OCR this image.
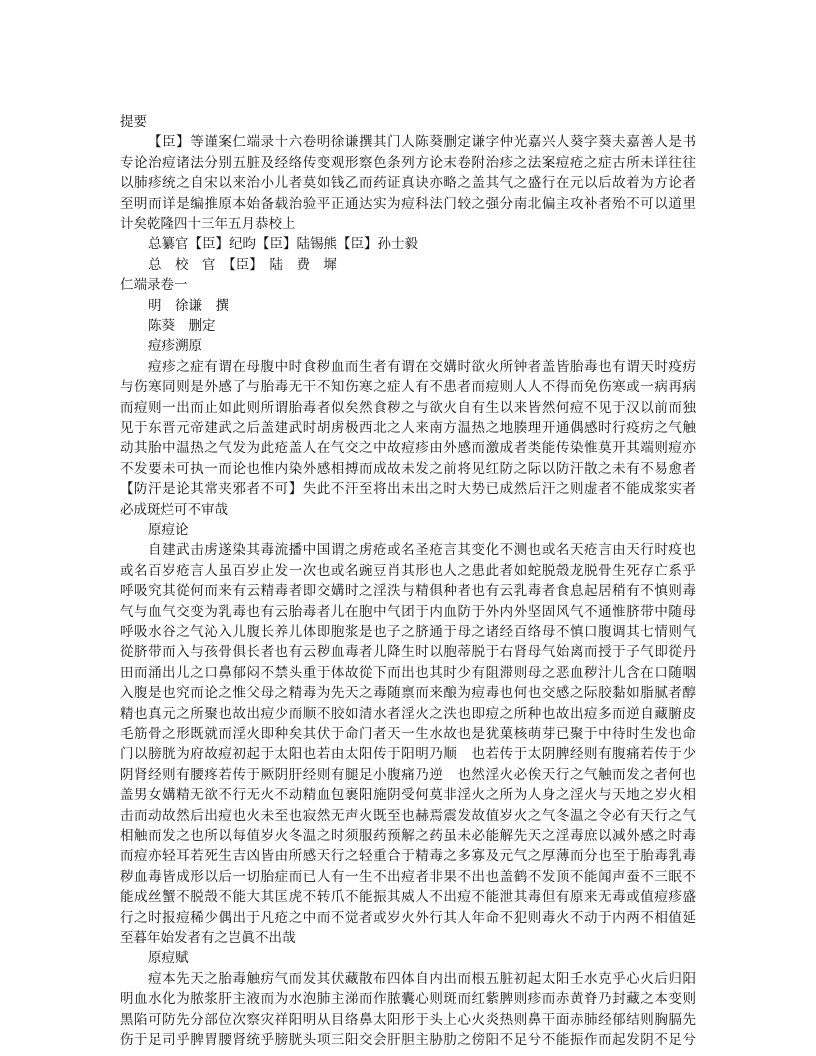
提要
【臣】等谨案仁端录十六卷明徐谦撰其门人陈葵删定谦字仲光嘉兴人葵字葵夫嘉善人是书
专论治痘诸法分别五脏及经络传变观形察色条列方论末卷附治疹之法案痘疮之症古所未详往往
以肺疹统之自宋以来治小儿者莫如钱乙而药证真诀亦略之盖其气之盛行在元以后故着为方论者
至明而详是编推原本始备载治验平正通达实为痘科法门较之强分南北偏主攻补者殆不可以道里
计矣乾隆四十三年五月恭校上
总纂官【臣】纪昀【臣】陆锡熊【臣】孙士毅
总　校　官　【臣】　陆　费　墀
仁端录卷一
明　徐谦　撰
陈葵　删定
痘疹溯原
痘疹之症有谓在母腹中时食秽血而生者有谓在交媾时欲火所钟者盖皆胎毒也有谓天时疫疠
与伤寒同则是外感了与胎毒无干不知伤寒之症人有不患者而痘则人人不得而免伤寒或一病再病
而痘则一出而止如此则所谓胎毒者似矣然食秽之与欲火自有生以来皆然何痘不见于汉以前而独
见于东晋元帝建武之后盖建武时胡虏极西北之人来南方温热之地腠理开通偶感时行疫疠之气触
动其胎中温热之气发为此疮盖人在气交之中故痘疹由外感而激成者类能传染惟莫开其端则痘亦
不发要未可执一而论也惟内染外感相搏而成故未发之前将见红防之际以防汗散之未有不易愈者
【防汗是论其常夹邪者不可】失此不汗至将出未出之时大势已成然后汗之则虚者不能成浆实者
必成斑烂可不审哉
原痘论
自建武击虏遂染其毒流播中国谓之虏疮或名圣疮言其变化不测也或名天疮言由天行时疫也
或名百岁疮言人虽百岁止发一次也或名豌豆肖其形也人之患此者如蛇脱殼龙脱骨生死存亡系乎
呼吸究其從何而来有云精毒者即交媾时之淫泆与精俱种者也有云乳毒者食息起居稍有不慎则毒
气与血气交变为乳毒也有云胎毒者儿在胞中气团于内血防于外内外坚固风气不通惟脐带中随母
呼吸水谷之气沁入儿腹长养儿体即胞浆是也子之脐通于母之诸经百络母不慎口腹调其七情则气
從脐带而入与孩骨俱长者也有云秽血毒者儿降生时以胞蒂脱于右肾母气始离而授于子气即從丹
田而涌出儿之口鼻郁闷不禁头重于体故從下而出也其时少有阻滞则母之恶血秽汁儿含在口随咽
入腹是也究而论之惟父母之精毒为先天之毒随禀而来酿为痘毒也何也交感之际胶黏如脂腻者醇
精也真元之所聚也故出痘少而顺不胶如清水者淫火之泆也即痘之所种也故出痘多而逆自藏腑皮
毛筋骨之形既就而淫火即种矣其伏于命门者天一生水故也是犹菓核萌芽已聚于中待时生发也命
门以膀胱为府故痘初起于太阳也若由太阳传于阳明乃顺　也若传于太阴脾经则有腹痛若传于少
阴肾经则有腰疼若传于厥阴肝经则有腿足小腹痛乃逆　也然淫火必俟天行之气触而发之者何也
盖男女媾精无欲不行无火不动精血包裹阳施阴受何莫非淫火之所为人身之淫火与天地之岁火相
击而动故然后出痘也火未至也寂然无声火既至也赫焉震发故值岁火之气冬温之令必有天行之气
相触而发之也所以每值岁火冬温之时须服药预解之药虽未必能解先天之淫毒庶以减外感之时毒
而痘亦轻耳若死生吉凶皆由所感天行之轻重合于精毒之多寡及元气之厚薄而分也至于胎毒乳毒
秽血毒皆成形以后一切胎症而已人有一生不出痘者非果不出也盖鹤不发顶不能闻声蚕不三眠不
能成丝蟹不脱殼不能大其匡虎不转爪不能振其威人不出痘不能泄其毒但有原来无毒或值痘疹盛
行之时报痘稀少偶出于凡疮之中而不觉者或岁火外行其人年命不犯则毒火不动于内两不相值延
至暮年始发者有之岂眞不出哉
原痘赋
痘本先天之胎毒触疠气而发其伏藏散布四体自内出而根五脏初起太阳壬水克乎心火后归阳
明血水化为脓浆肝主液而为水泡肺主涕而作脓囊心则斑而红紫脾则疹而赤黄脊乃封藏之本变则
黑陷可防先分部位次察灾祥阳明从目络鼻太阳形于头上心火炎热则鼻干面赤肺经郁结则胸膈先
伤于足司乎脾胃腰肾统乎膀胱头项三阳交会肝胆主胁肋之傍阳不足兮不能振作而起发阴不足兮
